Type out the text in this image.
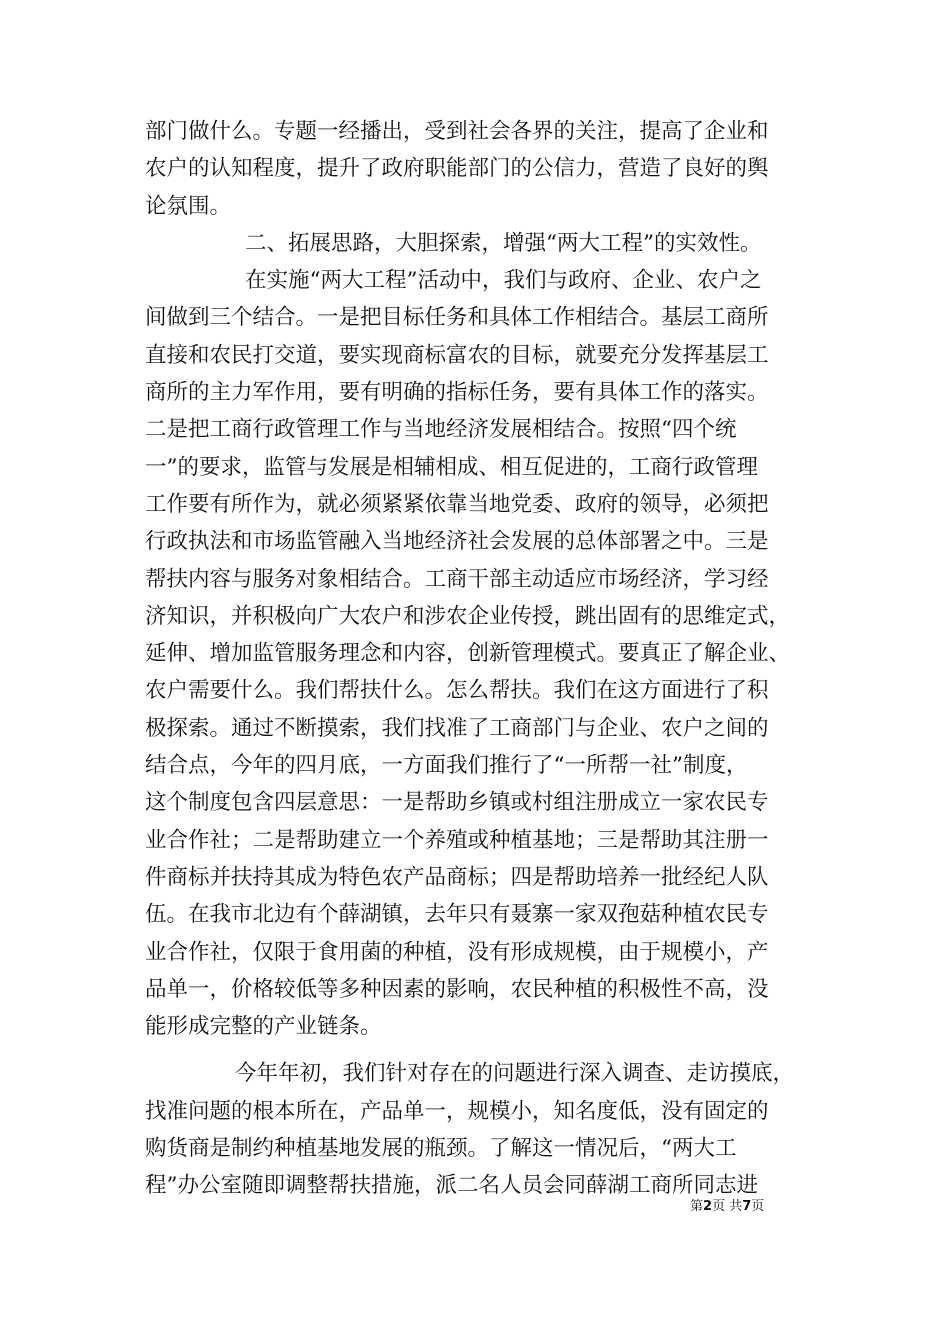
部门做什么。专题一经播出，受到社会各界的关注，提高了企业和
农户的认知程度，提升了政府职能部门的公信力，营造了良好的舆
论氛围。
二、拓展思路，大胆探索，增强“两大工程”的实效性。
在实施“两大工程”活动中，我们与政府、企业、农户之
间做到三个结合。一是把目标任务和具体工作相结合。基层工商所
直接和农民打交道，要实现商标富农的目标，就要充分发挥基层工
商所的主力军作用，要有明确的指标任务，要有具体工作的落实。
二是把工商行政管理工作与当地经济发展相结合。按照“四个统
一”的要求，监管与发展是相辅相成、相互促进的，工商行政管理
工作要有所作为，就必须紧紧依靠当地党委、政府的领导，必须把
行政执法和市场监管融入当地经济社会发展的总体部署之中。三是
帮扶内容与服务对象相结合。工商干部主动适应市场经济，学习经
济知识，并积极向广大农户和涉农企业传授，跳出固有的思维定式，
延伸、增加监管服务理念和内容，创新管理模式。要真正了解企业、
农户需要什么。我们帮扶什么。怎么帮扶。我们在这方面进行了积
极探索。通过不断摸索，我们找准了工商部门与企业、农户之间的
结合点，今年的四月底，一方面我们推行了“一所帮一社”制度，
这个制度包含四层意思：一是帮助乡镇或村组注册成立一家农民专
业合作社；二是帮助建立一个养殖或种植基地；三是帮助其注册一
件商标并扶持其成为特色农产品商标；四是帮助培养一批经纪人队
伍。在我市北边有个薛湖镇，去年只有聂寨一家双孢菇种植农民专
业合作社，仅限于食用菌的种植，没有形成规模，由于规模小，产
品单一，价格较低等多种因素的影响，农民种植的积极性不高，没
能形成完整的产业链条。
今年年初，我们针对存在的问题进行深入调查、走访摸底，
找准问题的根本所在，产品单一，规模小，知名度低，没有固定的
购货商是制约种植基地发展的瓶颈。了解这一情况后，“两大工
程”办公室随即调整帮扶措施，派二名人员会同薛湖工商所同志进
第2页 共7页
